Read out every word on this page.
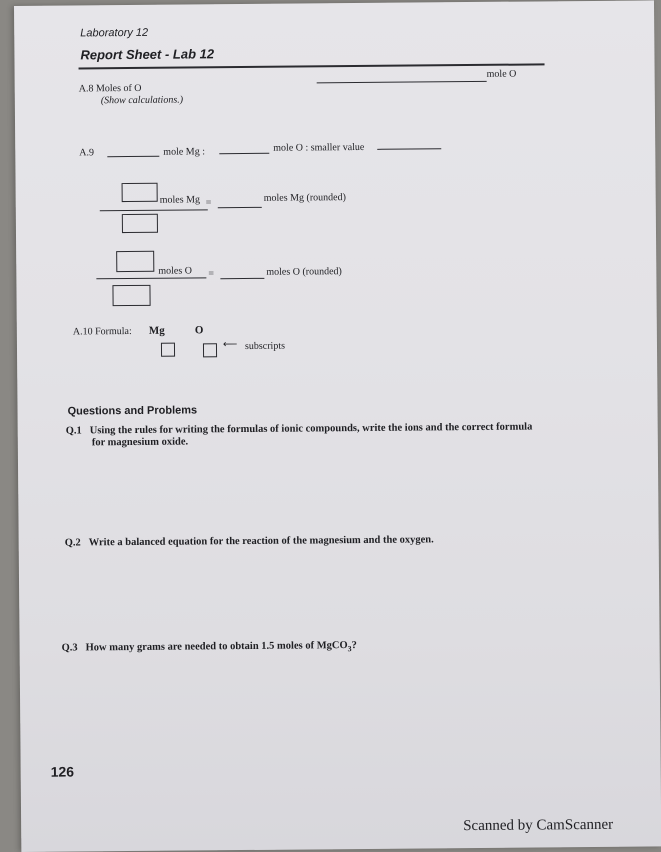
Laboratory 12
Report Sheet - Lab 12
A.8 Moles of O
(Show calculations.)
mole O
A.9	mole Mg :	mole O : smaller value
moles Mg =	moles Mg (rounded)
moles O =	moles O (rounded)
A.10 Formula: Mg	O
⟵ subscripts
Questions and Problems
Q.1 Using the rules for writing the formulas of ionic compounds, write the ions and the correct formula
for magnesium oxide.
Q.2 Write a balanced equation for the reaction of the magnesium and the oxygen.
Q.3 How many grams are needed to obtain 1.5 moles of MgCO$_3$?
126
Scanned by CamScanner
